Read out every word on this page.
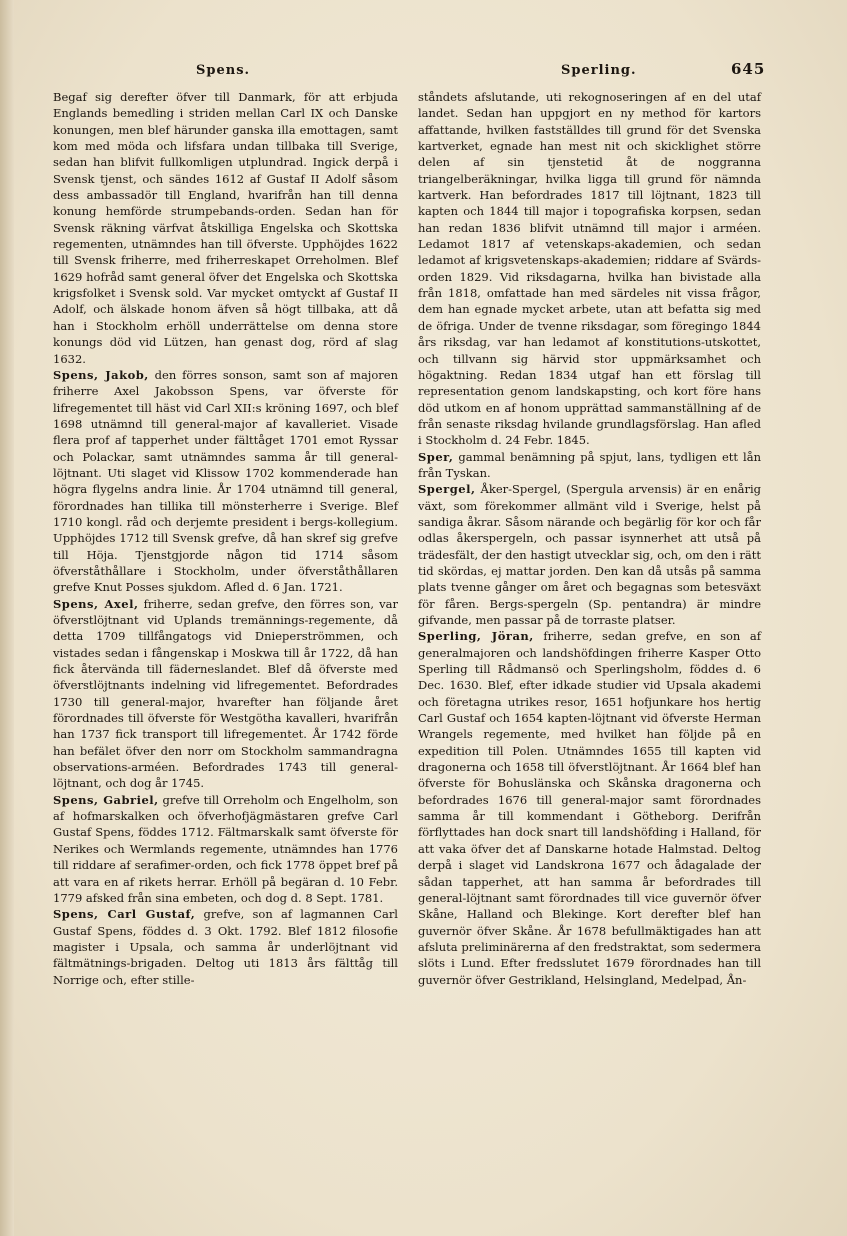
Spens.	Sperling.	645

Begaf sig derefter öfver till Danmark, för att erbjuda Englands bemedling i striden mellan Carl IX och Danske konungen, men blef härunder ganska illa emottagen, samt kom med möda och lifsfara undan tillbaka till Sverige, sedan han blifvit fullkomligen utplundrad. Ingick derpå i Svensk tjenst, och sändes 1612 af Gustaf II Adolf såsom dess ambassadör till England, hvarifrån han till denna konung hemförde strumpebands-orden. Sedan han för Svensk räkning värfvat åtskilliga Engelska och Skottska regementen, utnämndes han till öfverste. Upphöjdes 1622 till Svensk friherre, med friherreskapet Orreholmen. Blef 1629 hofråd samt general öfver det Engelska och Skottska krigsfolket i Svensk sold. Var mycket omtyckt af Gustaf II Adolf, och älskade honom äfven så högt tillbaka, att då han i Stockholm erhöll underrättelse om denna store konungs död vid Lützen, han genast dog, rörd af slag 1632.

Spens, Jakob, den förres sonson, samt son af majoren friherre Axel Jakobsson Spens, var öfverste för lifregementet till häst vid Carl XII:s kröning 1697, och blef 1698 utnämnd till general-major af kavalleriet. Visade flera prof af tapperhet under fälttåget 1701 emot Ryssar och Polackar, samt utnämndes samma år till general-löjtnant. Uti slaget vid Klissow 1702 kommenderade han högra flygelns andra linie. År 1704 utnämnd till general, förordnades han tillika till mönsterherre i Sverige. Blef 1710 kongl. råd och derjemte president i bergs-kollegium. Upphöjdes 1712 till Svensk grefve, då han skref sig grefve till Höja. Tjenstgjorde någon tid 1714 såsom öfverståthållare i Stockholm, under öfverståthållaren grefve Knut Posses sjukdom. Afled d. 6 Jan. 1721.

Spens, Axel, friherre, sedan grefve, den förres son, var öfverstlöjtnant vid Uplands tremännings-regemente, då detta 1709 tillfångatogs vid Dnieperströmmen, och vistades sedan i fångenskap i Moskwa till år 1722, då han fick återvända till fäderneslandet. Blef då öfverste med öfverstlöjtnants indelning vid lifregementet. Befordrades 1730 till general-major, hvarefter han följande året förordnades till öfverste för Westgötha kavalleri, hvarifrån han 1737 fick transport till lifregementet. År 1742 förde han befälet öfver den norr om Stockholm sammandragna observations-arméen. Befordrades 1743 till general-löjtnant, och dog år 1745.

Spens, Gabriel, grefve till Orreholm och Engelholm, son af hofmarskalken och öfverhofjägmästaren grefve Carl Gustaf Spens, föddes 1712. Fältmarskalk samt öfverste för Nerikes och Wermlands regemente, utnämndes han 1776 till riddare af serafimer-orden, och fick 1778 öppet bref på att vara en af rikets herrar. Erhöll på begäran d. 10 Febr. 1779 afsked från sina embeten, och dog d. 8 Sept. 1781.

Spens, Carl Gustaf, grefve, son af lagmannen Carl Gustaf Spens, föddes d. 3 Okt. 1792. Blef 1812 filosofie magister i Upsala, och samma år underlöjtnant vid fältmätnings-brigaden. Deltog uti 1813 års fälttåg till Norrige och, efter stille-

ståndets afslutande, uti rekognoseringen af en del utaf landet. Sedan han uppgjort en ny method för kartors affattande, hvilken fastställdes till grund för det Svenska kartverket, egnade han mest nit och skicklighet större delen af sin tjenstetid åt de noggranna triangelberäkningar, hvilka ligga till grund för nämnda kartverk. Han befordrades 1817 till löjtnant, 1823 till kapten och 1844 till major i topografiska korpsen, sedan han redan 1836 blifvit utnämnd till major i arméen. Ledamot 1817 af vetenskaps-akademien, och sedan ledamot af krigsvetenskaps-akademien; riddare af Svärds-orden 1829. Vid riksdagarna, hvilka han bivistade alla från 1818, omfattade han med särdeles nit vissa frågor, dem han egnade mycket arbete, utan att befatta sig med de öfriga. Under de tvenne riksdagar, som föregingo 1844 års riksdag, var han ledamot af konstitutions-utskottet, och tillvann sig härvid stor uppmärksamhet och högaktning. Redan 1834 utgaf han ett förslag till representation genom landskapsting, och kort före hans död utkom en af honom upprättad sammanställning af de från senaste riksdag hvilande grundlagsförslag. Han afled i Stockholm d. 24 Febr. 1845.

Sper, gammal benämning på spjut, lans, tydligen ett lån från Tyskan.

Spergel, Åker-Spergel, (Spergula arvensis) är en enårig växt, som förekommer allmänt vild i Sverige, helst på sandiga åkrar. Såsom närande och begärlig för kor och får odlas åkerspergeln, och passar isynnerhet att utså på trädesfält, der den hastigt utvecklar sig, och, om den i rätt tid skördas, ej mattar jorden. Den kan då utsås på samma plats tvenne gånger om året och begagnas som betesväxt för fåren. Bergs-spergeln (Sp. pentandra) är mindre gifvande, men passar på de torraste platser.

Sperling, Jöran, friherre, sedan grefve, en son af generalmajoren och landshöfdingen friherre Kasper Otto Sperling till Rådmansö och Sperlingsholm, föddes d. 6 Dec. 1630. Blef, efter idkade studier vid Upsala akademi och företagna utrikes resor, 1651 hofjunkare hos hertig Carl Gustaf och 1654 kapten-löjtnant vid öfverste Herman Wrangels regemente, med hvilket han följde på en expedition till Polen. Utnämndes 1655 till kapten vid dragonerna och 1658 till öfverstlöjtnant. År 1664 blef han öfverste för Bohuslänska och Skånska dragonerna och befordrades 1676 till general-major samt förordnades samma år till kommendant i Götheborg. Derifrån förflyttades han dock snart till landshöfding i Halland, för att vaka öfver det af Danskarne hotade Halmstad. Deltog derpå i slaget vid Landskrona 1677 och ådagalade der sådan tapperhet, att han samma år befordrades till general-löjtnant samt förordnades till vice guvernör öfver Skåne, Halland och Blekinge. Kort derefter blef han guvernör öfver Skåne. År 1678 befullmäktigades han att afsluta preliminärerna af den fredstraktat, som sedermera slöts i Lund. Efter fredsslutet 1679 förordnades han till guvernör öfver Gestrikland, Helsingland, Medelpad, Ån-
